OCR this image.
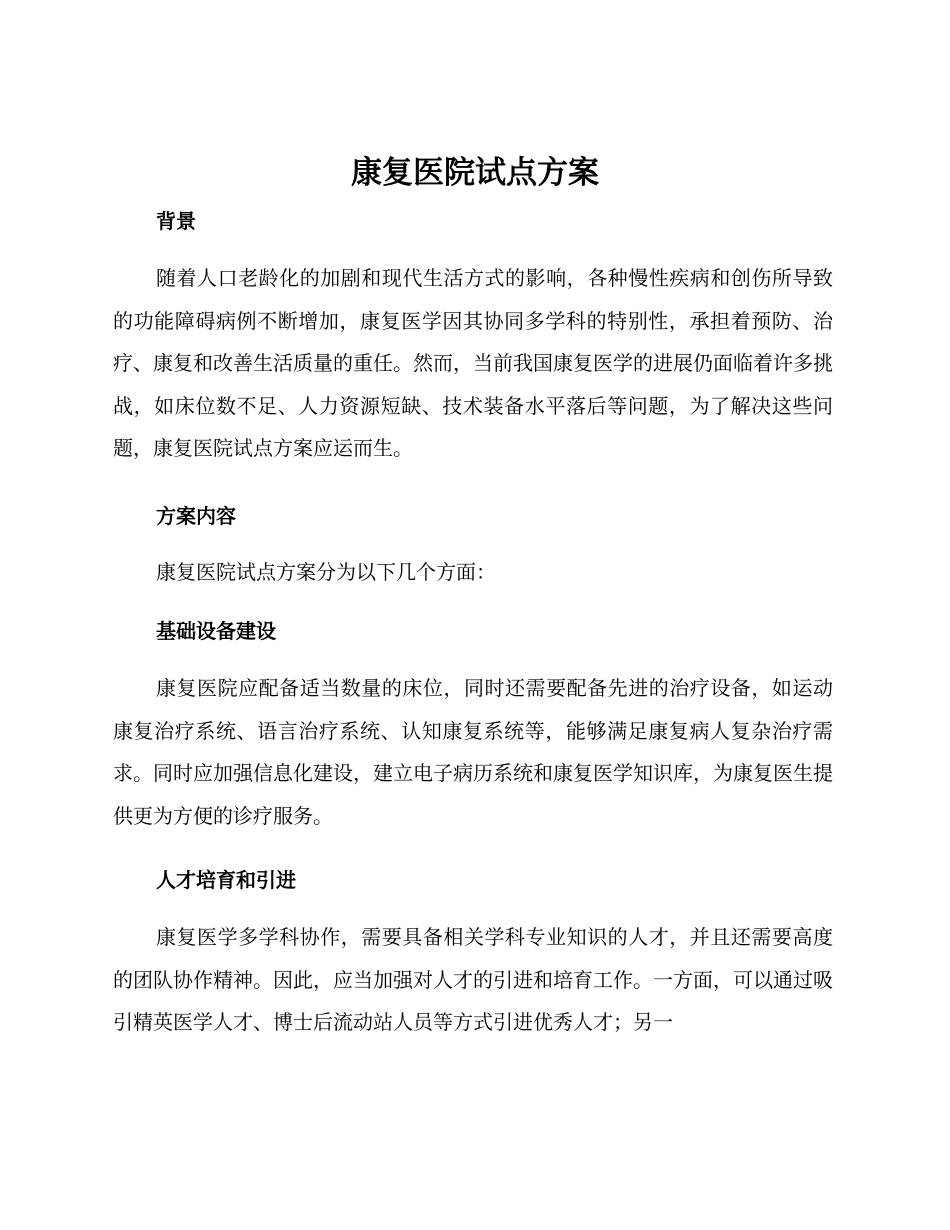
康复医院试点方案
背景

随着人口老龄化的加剧和现代生活方式的影响，各种慢性疾病和创伤所导致的功能障碍病例不断增加，康复医学因其协同多学科的特别性，承担着预防、治疗、康复和改善生活质量的重任。然而，当前我国康复医学的进展仍面临着许多挑战，如床位数不足、人力资源短缺、技术装备水平落后等问题，为了解决这些问题，康复医院试点方案应运而生。

方案内容

康复医院试点方案分为以下几个方面：

基础设备建设

康复医院应配备适当数量的床位，同时还需要配备先进的治疗设备，如运动康复治疗系统、语言治疗系统、认知康复系统等，能够满足康复病人复杂治疗需求。同时应加强信息化建设，建立电子病历系统和康复医学知识库，为康复医生提供更为方便的诊疗服务。

人才培育和引进

康复医学多学科协作，需要具备相关学科专业知识的人才，并且还需要高度的团队协作精神。因此，应当加强对人才的引进和培育工作。一方面，可以通过吸引精英医学人才、博士后流动站人员等方式引进优秀人才；另一
